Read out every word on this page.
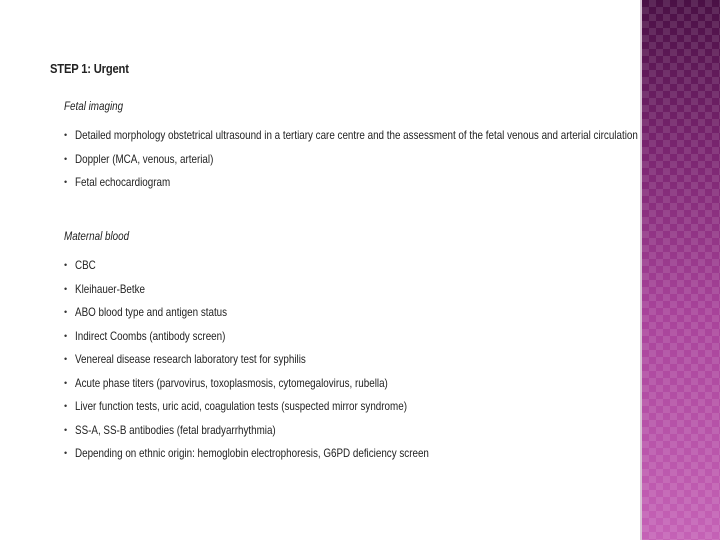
STEP 1: Urgent
Fetal imaging
• Detailed morphology obstetrical ultrasound in a tertiary care centre and the assessment of the fetal venous and arterial circulation
• Doppler (MCA, venous, arterial)
• Fetal echocardiogram
Maternal blood
• CBC
• Kleihauer-Betke
• ABO blood type and antigen status
• Indirect Coombs (antibody screen)
• Venereal disease research laboratory test for syphilis
• Acute phase titers (parvovirus, toxoplasmosis, cytomegalovirus, rubella)
• Liver function tests, uric acid, coagulation tests (suspected mirror syndrome)
• SS-A, SS-B antibodies (fetal bradyarrhythmia)
• Depending on ethnic origin: hemoglobin electrophoresis, G6PD deficiency screen
